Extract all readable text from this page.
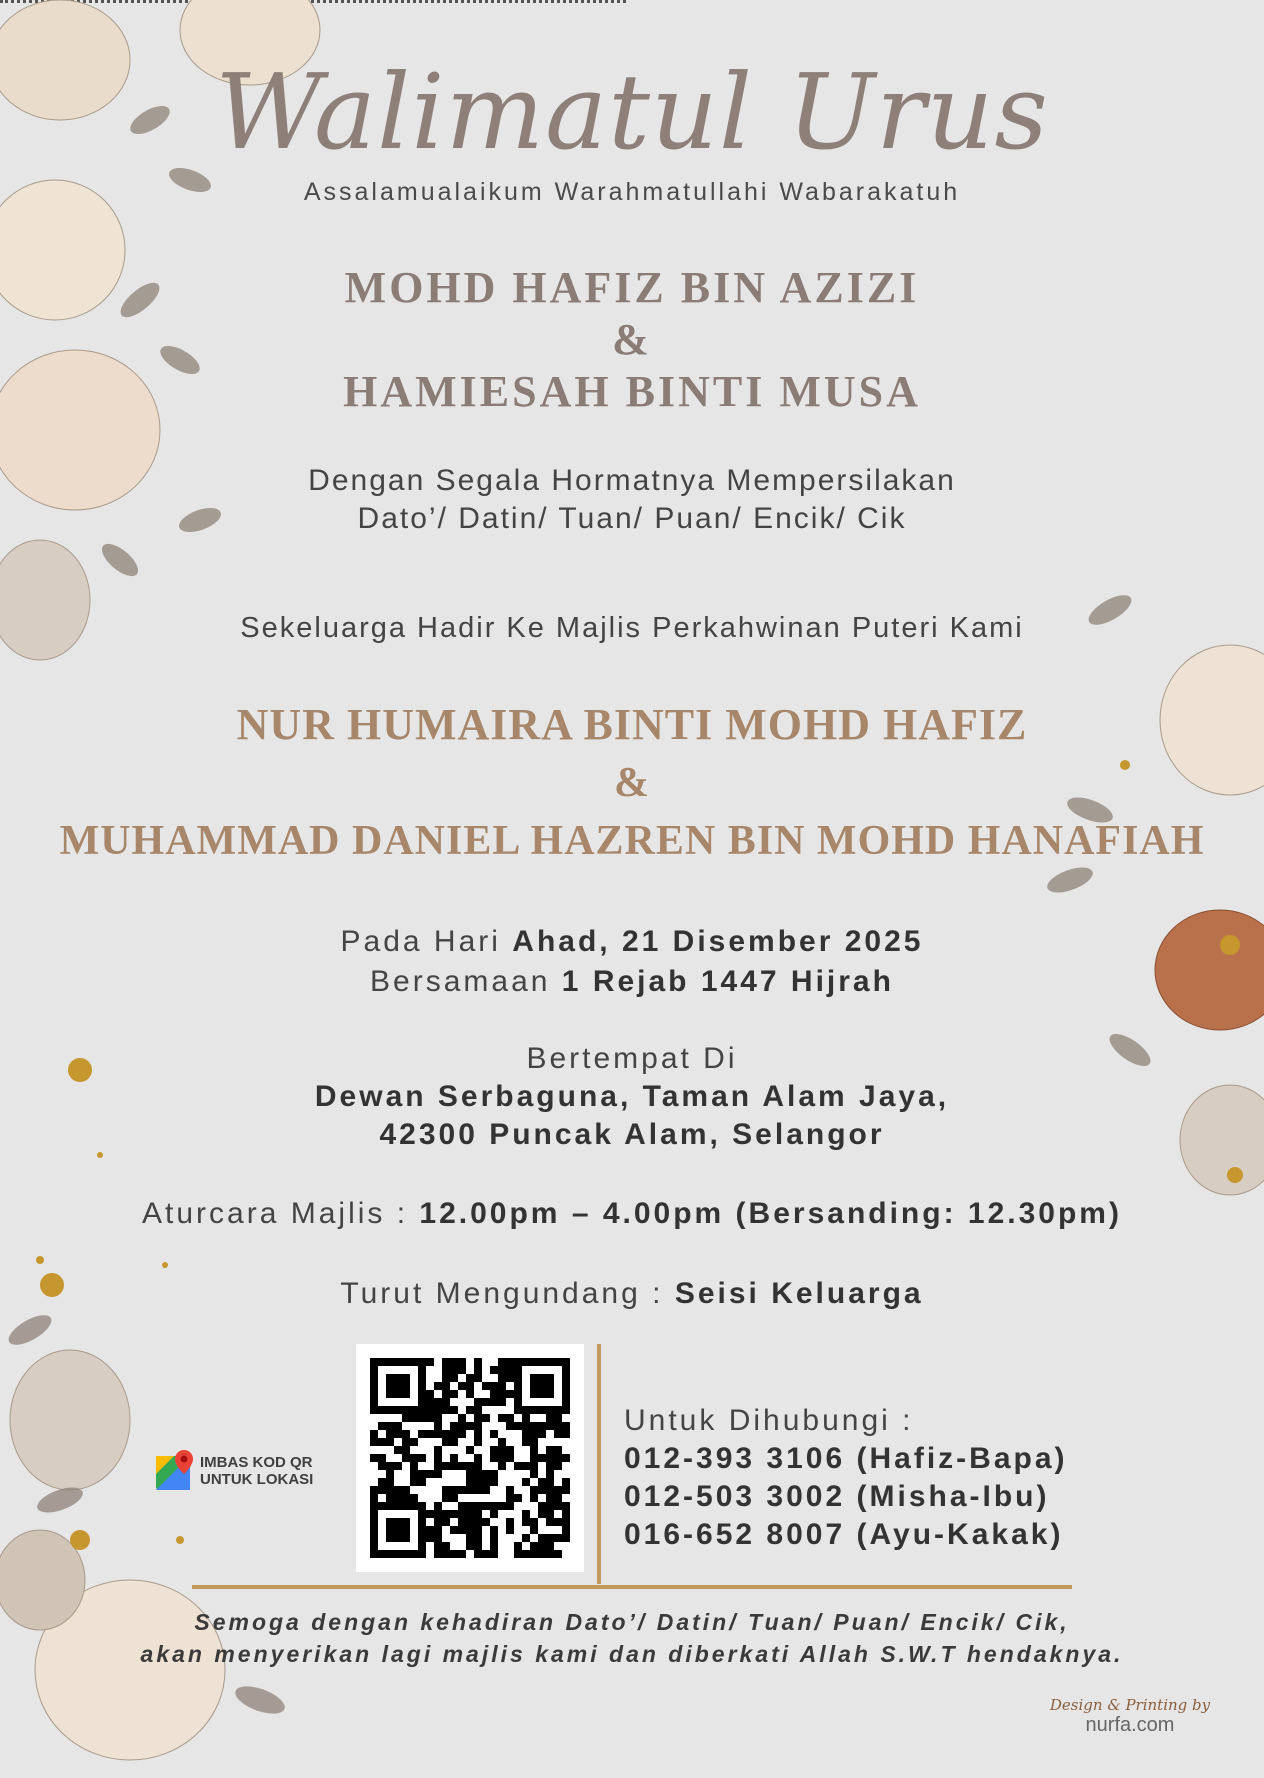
Walimatul Urus
Assalamualaikum Warahmatullahi Wabarakatuh
MOHD HAFIZ BIN AZIZI
&
HAMIESAH BINTI MUSA
Dengan Segala Hormatnya Mempersilakan
Dato’/ Datin/ Tuan/ Puan/ Encik/ Cik
Sekeluarga Hadir Ke Majlis Perkahwinan Puteri Kami
NUR HUMAIRA BINTI MOHD HAFIZ
&
MUHAMMAD DANIEL HAZREN BIN MOHD HANAFIAH
Pada Hari Ahad, 21 Disember 2025
Bersamaan 1 Rejab 1447 Hijrah
Bertempat Di
Dewan Serbaguna, Taman Alam Jaya,
42300 Puncak Alam, Selangor
Aturcara Majlis : 12.00pm – 4.00pm (Bersanding: 12.30pm)
Turut Mengundang : Seisi Keluarga
IMBAS KOD QR
UNTUK LOKASI
Untuk Dihubungi :
012-393 3106 (Hafiz-Bapa)
012-503 3002 (Misha-Ibu)
016-652 8007 (Ayu-Kakak)
Semoga dengan kehadiran Dato’/ Datin/ Tuan/ Puan/ Encik/ Cik,
akan menyerikan lagi majlis kami dan diberkati Allah S.W.T hendaknya.
Design & Printing by
nurfa.com
